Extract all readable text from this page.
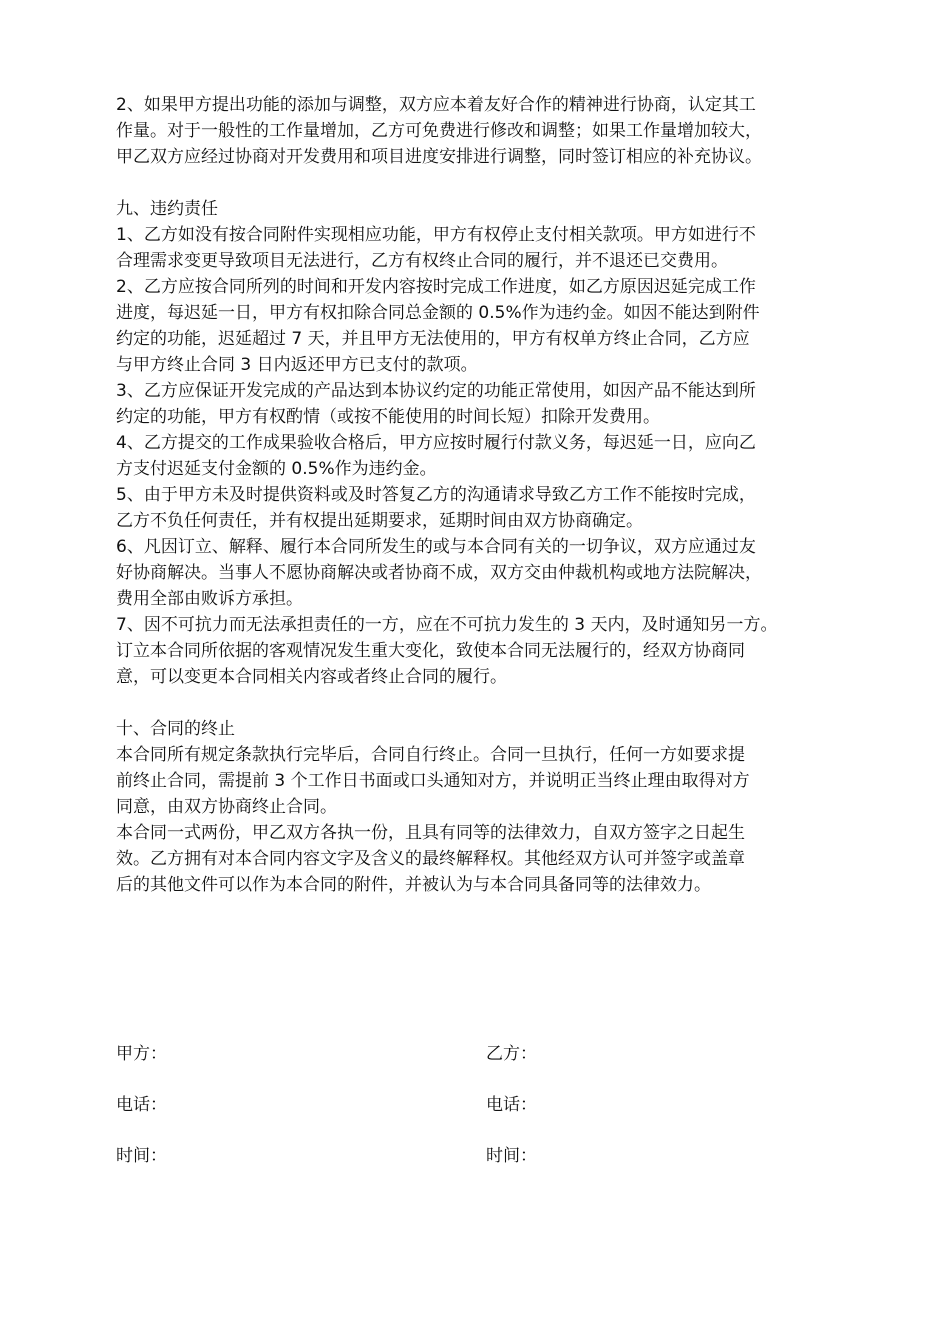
2、如果甲方提出功能的添加与调整，双方应本着友好合作的精神进行协商，认定其工
作量。对于一般性的工作量增加，乙方可免费进行修改和调整；如果工作量增加较大，
甲乙双方应经过协商对开发费用和项目进度安排进行调整，同时签订相应的补充协议。

九、违约责任

1、乙方如没有按合同附件实现相应功能，甲方有权停止支付相关款项。甲方如进行不
合理需求变更导致项目无法进行，乙方有权终止合同的履行，并不退还已交费用。

2、乙方应按合同所列的时间和开发内容按时完成工作进度，如乙方原因迟延完成工作
进度，每迟延一日，甲方有权扣除合同总金额的 0.5%作为违约金。如因不能达到附件
约定的功能，迟延超过 7 天，并且甲方无法使用的，甲方有权单方终止合同，乙方应
与甲方终止合同 3 日内返还甲方已支付的款项。

3、乙方应保证开发完成的产品达到本协议约定的功能正常使用，如因产品不能达到所
约定的功能，甲方有权酌情（或按不能使用的时间长短）扣除开发费用。

4、乙方提交的工作成果验收合格后，甲方应按时履行付款义务，每迟延一日，应向乙
方支付迟延支付金额的 0.5%作为违约金。

5、由于甲方未及时提供资料或及时答复乙方的沟通请求导致乙方工作不能按时完成，
乙方不负任何责任，并有权提出延期要求，延期时间由双方协商确定。

6、凡因订立、解释、履行本合同所发生的或与本合同有关的一切争议，双方应通过友
好协商解决。当事人不愿协商解决或者协商不成，双方交由仲裁机构或地方法院解决，
费用全部由败诉方承担。

7、因不可抗力而无法承担责任的一方，应在不可抗力发生的 3 天内，及时通知另一方。
订立本合同所依据的客观情况发生重大变化，致使本合同无法履行的，经双方协商同
意，可以变更本合同相关内容或者终止合同的履行。

十、合同的终止

本合同所有规定条款执行完毕后，合同自行终止。合同一旦执行，任何一方如要求提
前终止合同，需提前 3 个工作日书面或口头通知对方，并说明正当终止理由取得对方
同意，由双方协商终止合同。

本合同一式两份，甲乙双方各执一份，且具有同等的法律效力，自双方签字之日起生
效。乙方拥有对本合同内容文字及含义的最终解释权。其他经双方认可并签字或盖章
后的其他文件可以作为本合同的附件，并被认为与本合同具备同等的法律效力。

甲方：	乙方：
电话：	电话：
时间：	时间：
